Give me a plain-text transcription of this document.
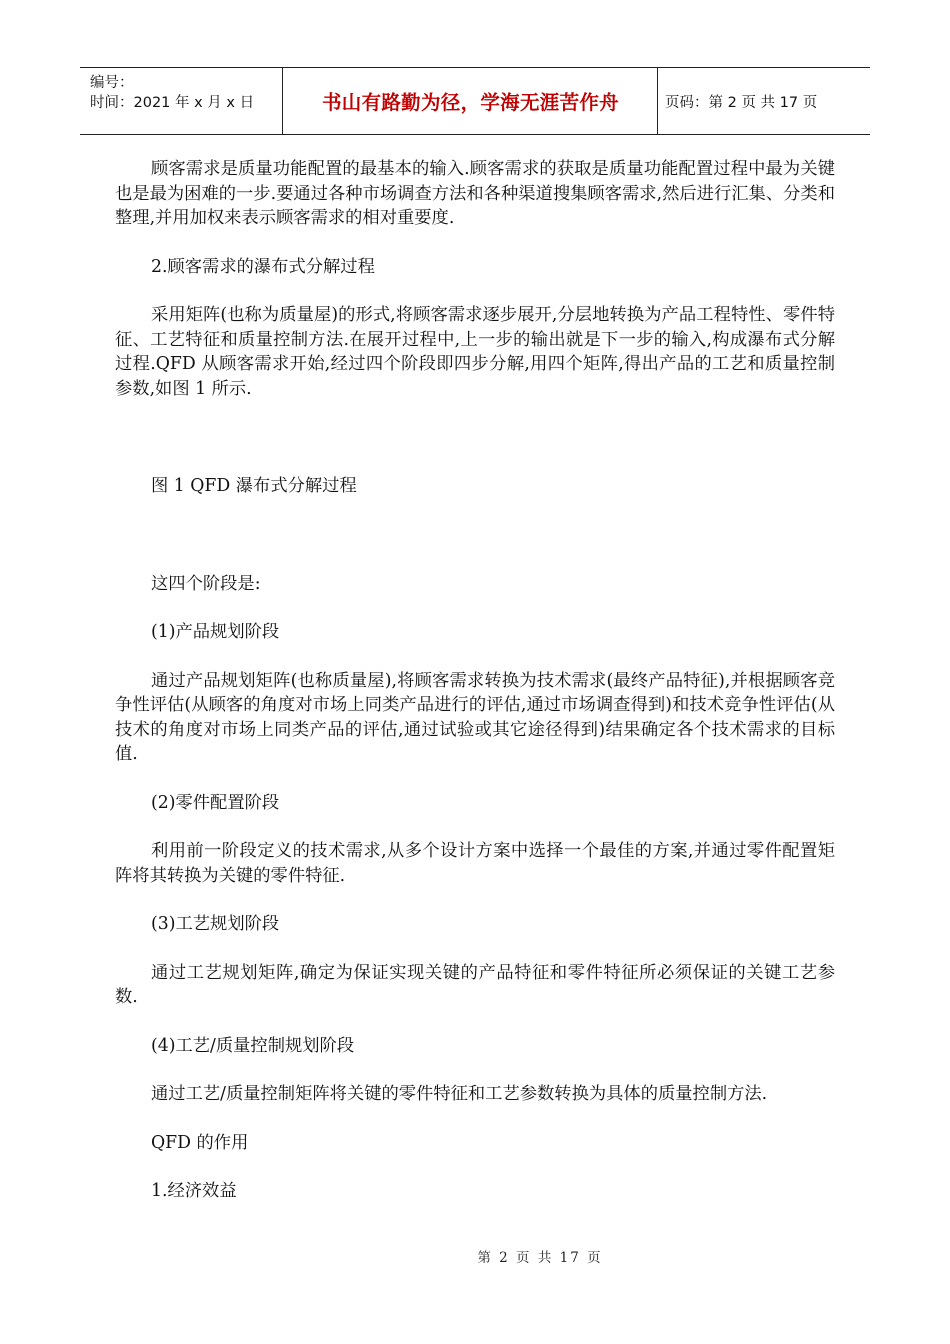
编号：
时间：2021 年 x 月 x 日	书山有路勤为径，学海无涯苦作舟	页码：第 2 页 共 17 页

顾客需求是质量功能配置的最基本的输入.顾客需求的获取是质量功能配置过程中最为关键也是最为困难的一步.要通过各种市场调查方法和各种渠道搜集顾客需求,然后进行汇集、分类和整理,并用加权来表示顾客需求的相对重要度.

2.顾客需求的瀑布式分解过程

采用矩阵(也称为质量屋)的形式,将顾客需求逐步展开,分层地转换为产品工程特性、零件特征、工艺特征和质量控制方法.在展开过程中,上一步的输出就是下一步的输入,构成瀑布式分解过程.QFD 从顾客需求开始,经过四个阶段即四步分解,用四个矩阵,得出产品的工艺和质量控制参数,如图 1 所示.

图 1 QFD 瀑布式分解过程

这四个阶段是:

(1)产品规划阶段

通过产品规划矩阵(也称质量屋),将顾客需求转换为技术需求(最终产品特征),并根据顾客竞争性评估(从顾客的角度对市场上同类产品进行的评估,通过市场调查得到)和技术竞争性评估(从技术的角度对市场上同类产品的评估,通过试验或其它途径得到)结果确定各个技术需求的目标值.

(2)零件配置阶段

利用前一阶段定义的技术需求,从多个设计方案中选择一个最佳的方案,并通过零件配置矩阵将其转换为关键的零件特征.

(3)工艺规划阶段

通过工艺规划矩阵,确定为保证实现关键的产品特征和零件特征所必须保证的关键工艺参数.

(4)工艺/质量控制规划阶段

通过工艺/质量控制矩阵将关键的零件特征和工艺参数转换为具体的质量控制方法.

QFD 的作用

1.经济效益

第 2 页 共 17 页
